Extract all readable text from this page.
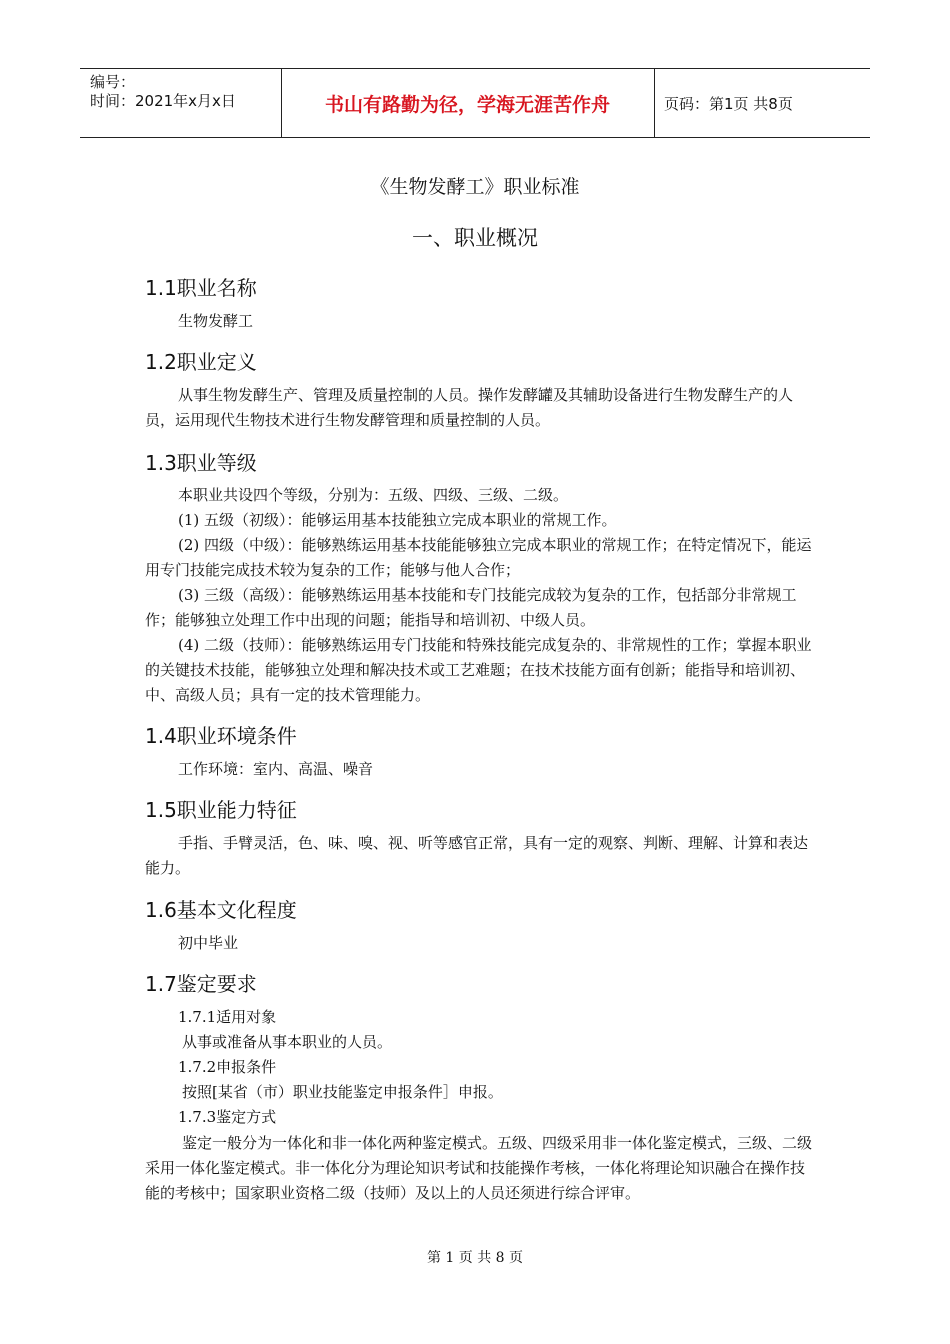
编号：
时间：2021年x月x日	书山有路勤为径，学海无涯苦作舟	页码：第1页 共8页
《生物发酵工》职业标准
一、职业概况
1.1职业名称
生物发酵工
1.2职业定义
从事生物发酵生产、管理及质量控制的人员。操作发酵罐及其辅助设备进行生物发酵生产的人员，运用现代生物技术进行生物发酵管理和质量控制的人员。
1.3职业等级
本职业共设四个等级，分别为：五级、四级、三级、二级。
(1) 五级（初级）：能够运用基本技能独立完成本职业的常规工作。
(2) 四级（中级）：能够熟练运用基本技能能够独立完成本职业的常规工作；在特定情况下，能运用专门技能完成技术较为复杂的工作；能够与他人合作；
(3) 三级（高级）：能够熟练运用基本技能和专门技能完成较为复杂的工作，包括部分非常规工作；能够独立处理工作中出现的问题；能指导和培训初、中级人员。
(4) 二级（技师）：能够熟练运用专门技能和特殊技能完成复杂的、非常规性的工作；掌握本职业的关键技术技能，能够独立处理和解决技术或工艺难题；在技术技能方面有创新；能指导和培训初、中、高级人员；具有一定的技术管理能力。
1.4职业环境条件
工作环境：室内、高温、噪音
1.5职业能力特征
手指、手臂灵活，色、味、嗅、视、听等感官正常，具有一定的观察、判断、理解、计算和表达能力。
1.6基本文化程度
初中毕业
1.7鉴定要求
1.7.1适用对象
从事或准备从事本职业的人员。
1.7.2申报条件
按照[某省（市）职业技能鉴定申报条件］申报。
1.7.3鉴定方式
鉴定一般分为一体化和非一体化两种鉴定模式。五级、四级采用非一体化鉴定模式，三级、二级采用一体化鉴定模式。非一体化分为理论知识考试和技能操作考核，一体化将理论知识融合在操作技能的考核中；国家职业资格二级（技师）及以上的人员还须进行综合评审。
第 1 页 共 8 页
